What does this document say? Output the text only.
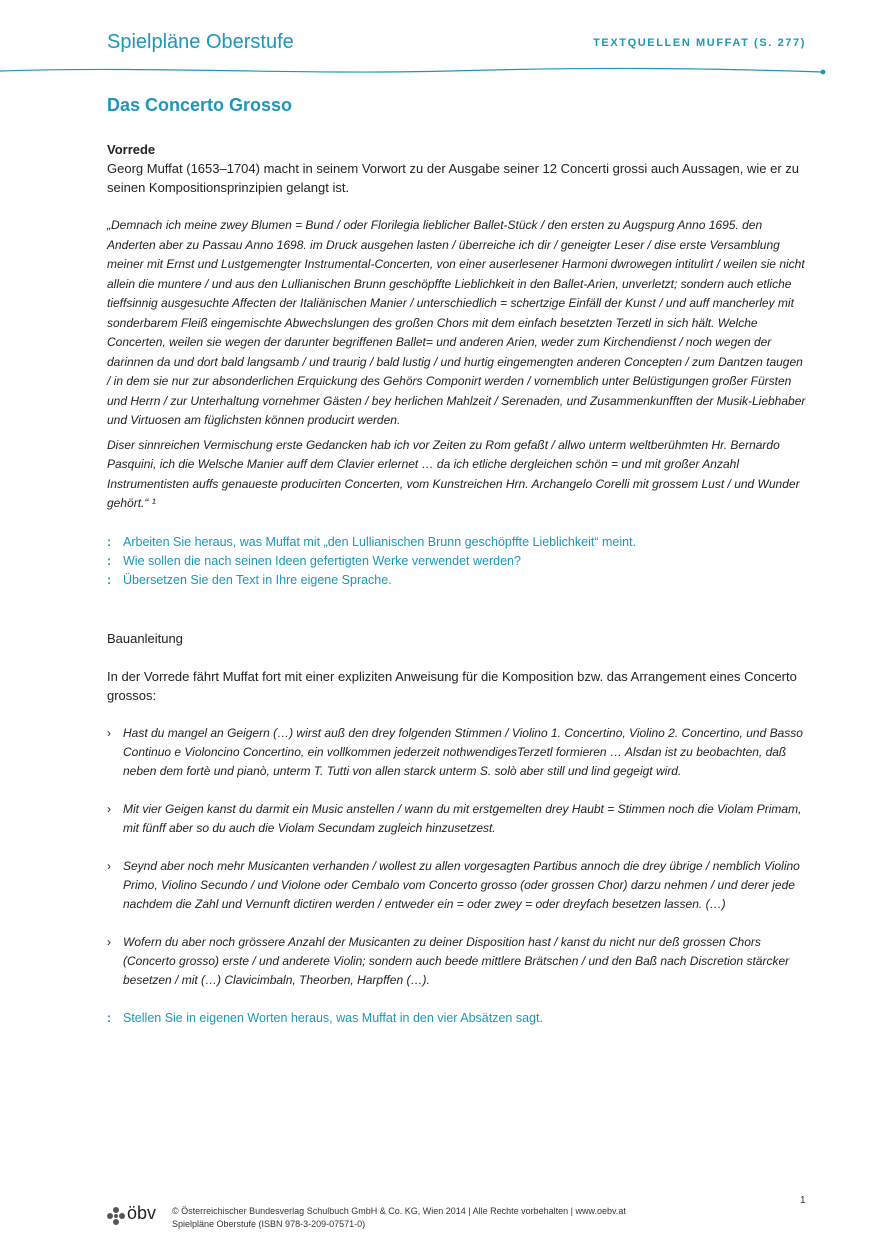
Spielpläne Oberstufe	TEXTQUELLEN MUFFAT (S. 277)
Das Concerto Grosso

Vorrede

Georg Muffat (1653–1704) macht in seinem Vorwort zu der Ausgabe seiner 12 Concerti grossi auch Aussagen, wie er zu seinen Kompositionsprinzipien gelangt ist.

„Demnach ich meine zwey Blumen = Bund / oder Florilegia lieblicher Ballet-Stück / den ersten zu Augspurg Anno 1695. den Anderten aber zu Passau Anno 1698. im Druck ausgehen lasten / überreiche ich dir / geneigter Leser / dise erste Versamblung meiner mit Ernst und Lustgemengter Instrumental-Concerten, von einer auserlesener Harmoni dwrowegen intitulirt / weilen sie nicht allein die muntere / und aus den Lullianischen Brunn geschöpffte Lieblichkeit in den Ballet-Arien, unverletzt; sondern auch etliche tieffsinnig ausgesuchte Affecten der Italiänischen Manier / unterschiedlich = schertzige Einfäll der Kunst / und auff mancherley mit sonderbarem Fleiß eingemischte Abwechslungen des großen Chors mit dem einfach besetzten Terzetl in sich hält. Welche Concerten, weilen sie wegen der darunter begriffenen Ballet= und anderen Arien, weder zum Kirchendienst / noch wegen der darinnen da und dort bald langsamb / und traurig / bald lustig / und hurtig eingemengten anderen Concepten / zum Dantzen taugen / in dem sie nur zur absonderlichen Erquickung des Gehörs Componirt werden / vornemblich unter Belüstigungen großer Fürsten und Herrn / zur Unterhaltung vornehmer Gästen / bey herlichen Mahlzeit / Serenaden, und Zusammenkunfften der Musik-Liebhaber und Virtuosen am füglichsten können producirt werden.

Diser sinnreichen Vermischung erste Gedancken hab ich vor Zeiten zu Rom gefaßt / allwo unterm weltberühmten Hr. Bernardo Pasquini, ich die Welsche Manier auff dem Clavier erlernet … da ich etliche dergleichen schön = und mit großer Anzahl Instrumentisten auffs genaueste producirten Concerten, vom Kunstreichen Hrn. Archangelo Corelli mit grossem Lust / und Wunder gehört.“ ¹

: Arbeiten Sie heraus, was Muffat mit „den Lullianischen Brunn geschöpffte Lieblichkeit“ meint.
: Wie sollen die nach seinen Ideen gefertigten Werke verwendet werden?
: Übersetzen Sie den Text in Ihre eigene Sprache.

Bauanleitung

In der Vorrede fährt Muffat fort mit einer expliziten Anweisung für die Komposition bzw. das Arrangement eines Concerto grossos:

› Hast du mangel an Geigern (…) wirst auß den drey folgenden Stimmen / Violino 1. Concertino, Violino 2. Concertino, und Basso Continuo e Violoncino Concertino, ein vollkommen jederzeit nothwendigesTerzetl formieren … Alsdan ist zu beobachten, daß neben dem fortè und pianò, unterm T. Tutti von allen starck unterm S. solò aber still und lind gegeigt wird.
› Mit vier Geigen kanst du darmit ein Music anstellen / wann du mit erstgemelten drey Haubt = Stimmen noch die Violam Primam, mit fünff aber so du auch die Violam Secundam zugleich hinzusetzest.
› Seynd aber noch mehr Musicanten verhanden / wollest zu allen vorgesagten Partibus annoch die drey übrige / nemblich Violino Primo, Violino Secundo / und Violone oder Cembalo vom Concerto grosso (oder grossen Chor) darzu nehmen / und derer jede nachdem die Zahl und Vernunft dictiren werden / entweder ein = oder zwey = oder dreyfach besetzen lassen. (…)
› Wofern du aber noch grössere Anzahl der Musicanten zu deiner Disposition hast / kanst du nicht nur deß grossen Chors (Concerto grosso) erste / und anderete Violin; sondern auch beede mittlere Brätschen / und den Baß nach Discretion stärcker besetzen / mit (…) Clavicimbaln, Theorben, Harpffen (…).
: Stellen Sie in eigenen Worten heraus, was Muffat in den vier Absätzen sagt.
öbv © Österreichischer Bundesverlag Schulbuch GmbH & Co. KG, Wien 2014 | Alle Rechte vorbehalten | www.oebv.at
Spielpläne Oberstufe (ISBN 978-3-209-07571-0)
1
